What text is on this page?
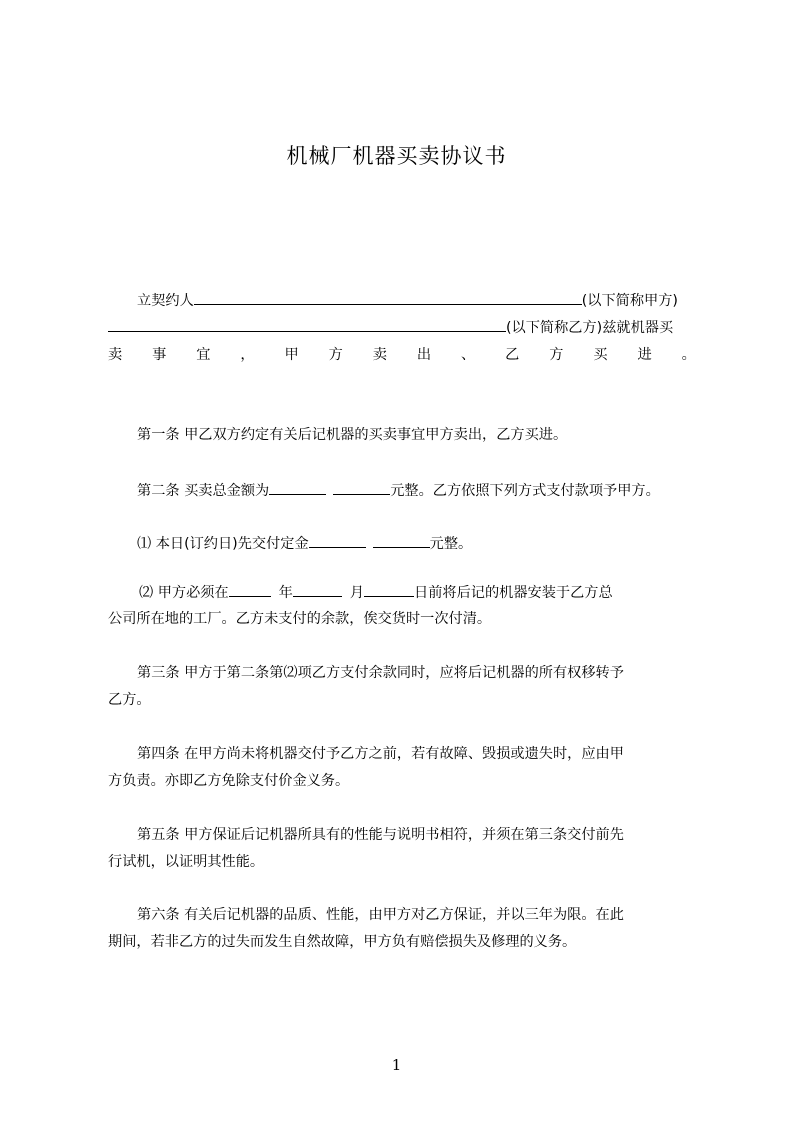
机械厂机器买卖协议书
立契约人	(以下简称甲方)
(以下简称乙方)兹就机器买
卖 事 宜 ， 甲 方 卖 出 、 乙 方 买 进 。
第一条 甲乙双方约定有关后记机器的买卖事宜甲方卖出，乙方买进。
第二条 买卖总金额为	元整。乙方依照下列方式支付款项予甲方。
⑴ 本日(订约日)先交付定金	元整。
⑵ 甲方必须在	年	月	日前将后记的机器安装于乙方总
公司所在地的工厂。乙方未支付的余款，俟交货时一次付清。
第三条 甲方于第二条第⑵项乙方支付余款同时，应将后记机器的所有权移转予
乙方。
第四条 在甲方尚未将机器交付予乙方之前，若有故障、毁损或遗失时，应由甲
方负责。亦即乙方免除支付价金义务。
第五条 甲方保证后记机器所具有的性能与说明书相符，并须在第三条交付前先
行试机，以证明其性能。
第六条 有关后记机器的品质、性能，由甲方对乙方保证，并以三年为限。在此
期间，若非乙方的过失而发生自然故障，甲方负有赔偿损失及修理的义务。
1
